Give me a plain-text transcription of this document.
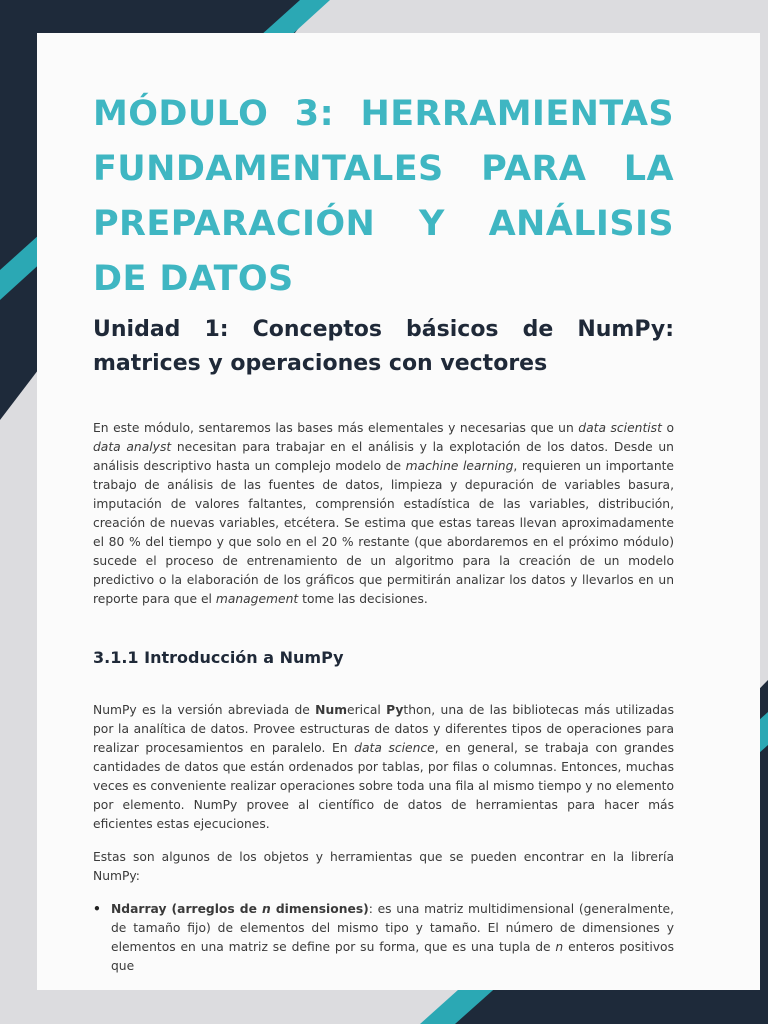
MÓDULO 3: HERRAMIENTAS FUNDAMENTALES PARA LA PREPARACIÓN Y ANÁLISIS DE DATOS
Unidad 1: Conceptos básicos de NumPy: matrices y operaciones con vectores

En este módulo, sentaremos las bases más elementales y necesarias que un data scientist o data analyst necesitan para trabajar en el análisis y la explotación de los datos. Desde un análisis descriptivo hasta un complejo modelo de machine learning, requieren un importante trabajo de análisis de las fuentes de datos, limpieza y depuración de variables basura, imputación de valores faltantes, comprensión estadística de las variables, distribución, creación de nuevas variables, etcétera. Se estima que estas tareas llevan aproximadamente el 80 % del tiempo y que solo en el 20 % restante (que abordaremos en el próximo módulo) sucede el proceso de entrenamiento de un algoritmo para la creación de un modelo predictivo o la elaboración de los gráficos que permitirán analizar los datos y llevarlos en un reporte para que el management tome las decisiones.

3.1.1 Introducción a NumPy

NumPy es la versión abreviada de Numerical Python, una de las bibliotecas más utilizadas por la analítica de datos. Provee estructuras de datos y diferentes tipos de operaciones para realizar procesamientos en paralelo. En data science, en general, se trabaja con grandes cantidades de datos que están ordenados por tablas, por filas o columnas. Entonces, muchas veces es conveniente realizar operaciones sobre toda una fila al mismo tiempo y no elemento por elemento. NumPy provee al científico de datos de herramientas para hacer más eficientes estas ejecuciones.

Estas son algunos de los objetos y herramientas que se pueden encontrar en la librería NumPy:

• Ndarray (arreglos de n dimensiones): es una matriz multidimensional (generalmente, de tamaño fijo) de elementos del mismo tipo y tamaño. El número de dimensiones y elementos en una matriz se define por su forma, que es una tupla de n enteros positivos que
